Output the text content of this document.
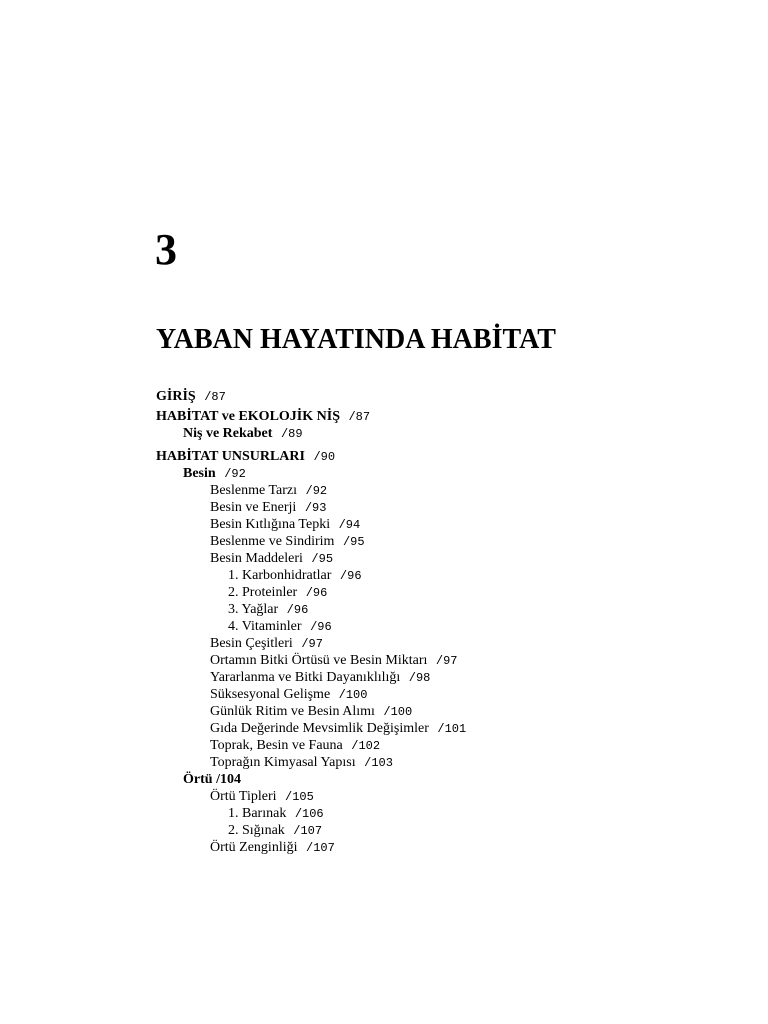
3
YABAN HAYATINDA HABİTAT
GİRİŞ /87
HABİTAT ve EKOLOJİK NİŞ /87
Niş ve Rekabet /89
HABİTAT UNSURLARI /90
Besin /92
Beslenme Tarzı /92
Besin ve Enerji /93
Besin Kıtlığına Tepki /94
Beslenme ve Sindirim /95
Besin Maddeleri /95
1. Karbonhidratlar /96
2. Proteinler /96
3. Yağlar /96
4. Vitaminler /96
Besin Çeşitleri /97
Ortamın Bitki Örtüsü ve Besin Miktarı /97
Yararlanma ve Bitki Dayanıklılığı /98
Süksesyonal Gelişme /100
Günlük Ritim ve Besin Alımı /100
Gıda Değerinde Mevsimlik Değişimler /101
Toprak, Besin ve Fauna /102
Toprağın Kimyasal Yapısı /103
Örtü /104
Örtü Tipleri /105
1. Barınak /106
2. Sığınak /107
Örtü Zenginliği /107
